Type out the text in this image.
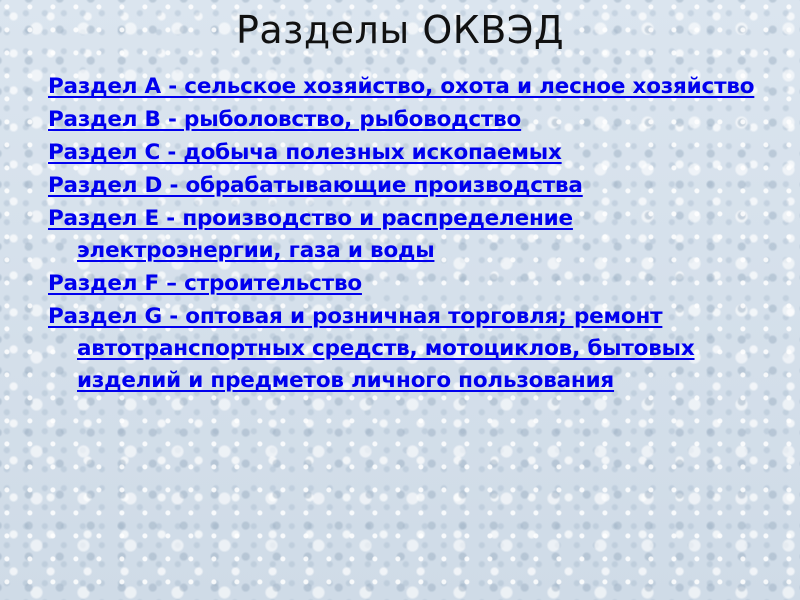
Разделы ОКВЭД
Раздел A - сельское хозяйство, охота и лесное хозяйство
Раздел B - рыболовство, рыбоводство
Раздел C - добыча полезных ископаемых
Раздел D - обрабатывающие производства
Раздел E - производство и распределение электроэнергии, газа и воды
Раздел F – строительство
Раздел G - оптовая и розничная торговля; ремонт автотранспортных средств, мотоциклов, бытовых изделий и предметов личного пользования
